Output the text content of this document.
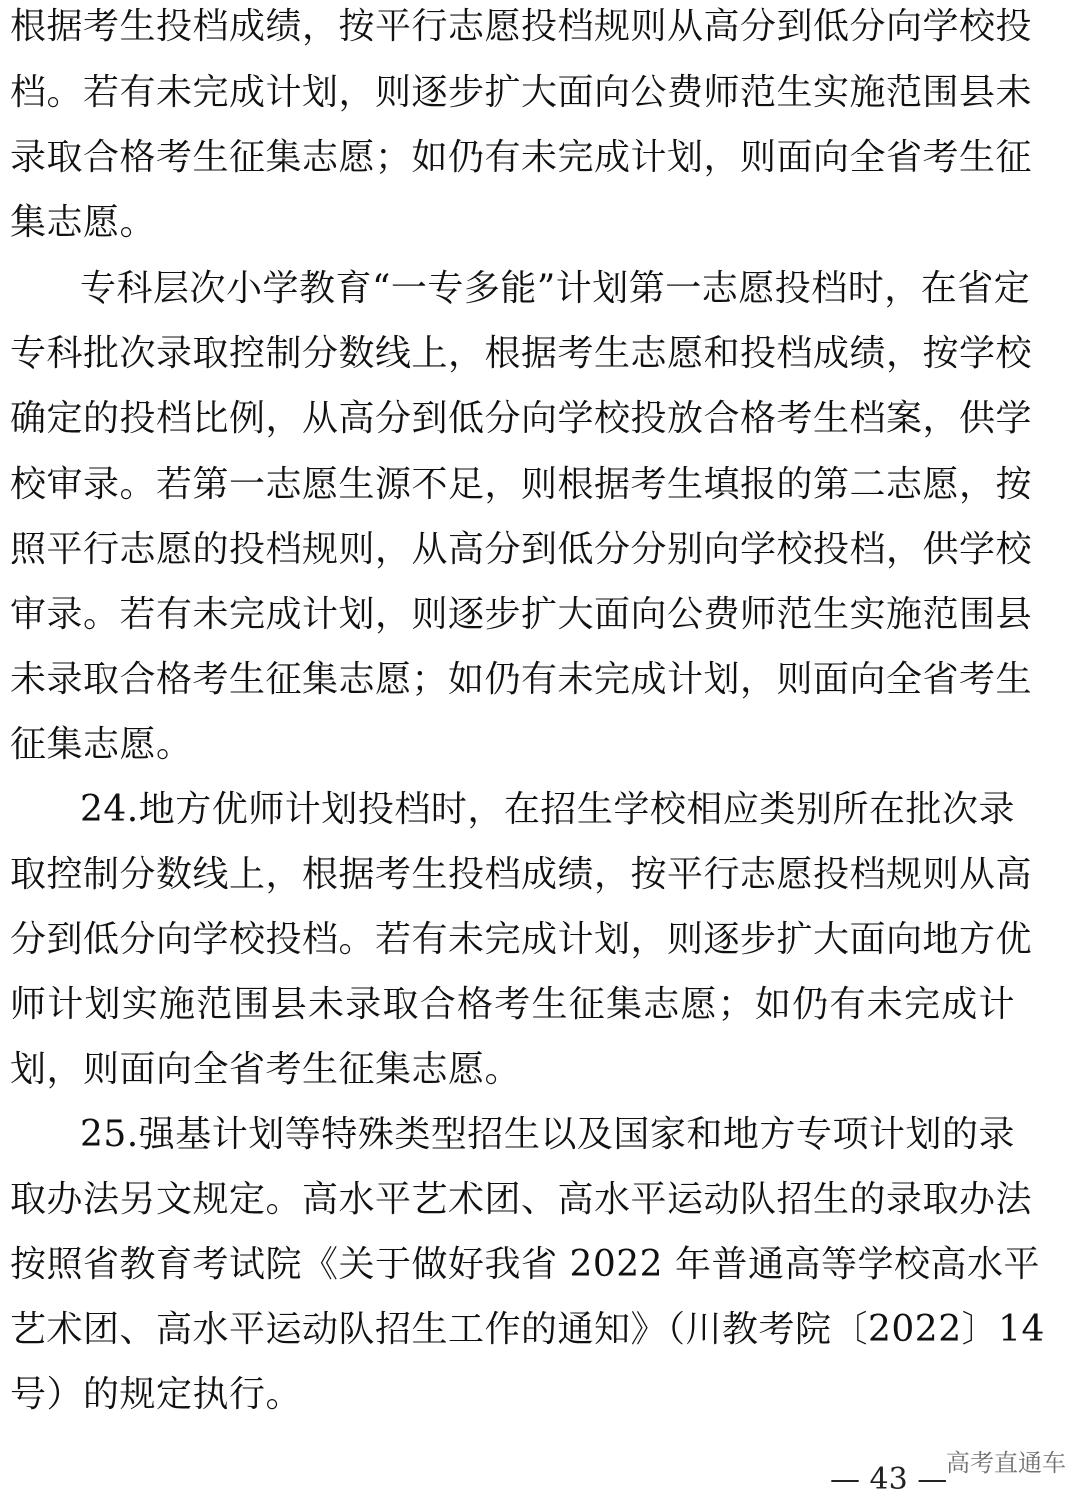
根据考生投档成绩，按平行志愿投档规则从高分到低分向学校投
档。若有未完成计划，则逐步扩大面向公费师范生实施范围县未
录取合格考生征集志愿；如仍有未完成计划，则面向全省考生征
集志愿。
专科层次小学教育“一专多能”计划第一志愿投档时，在省定
专科批次录取控制分数线上，根据考生志愿和投档成绩，按学校
确定的投档比例，从高分到低分向学校投放合格考生档案，供学
校审录。若第一志愿生源不足，则根据考生填报的第二志愿，按
照平行志愿的投档规则，从高分到低分分别向学校投档，供学校
审录。若有未完成计划，则逐步扩大面向公费师范生实施范围县
未录取合格考生征集志愿；如仍有未完成计划，则面向全省考生
征集志愿。
24.地方优师计划投档时，在招生学校相应类别所在批次录
取控制分数线上，根据考生投档成绩，按平行志愿投档规则从高
分到低分向学校投档。若有未完成计划，则逐步扩大面向地方优
师计划实施范围县未录取合格考生征集志愿；如仍有未完成计
划，则面向全省考生征集志愿。
25.强基计划等特殊类型招生以及国家和地方专项计划的录
取办法另文规定。高水平艺术团、高水平运动队招生的录取办法
按照省教育考试院《关于做好我省 2022 年普通高等学校高水平
艺术团、高水平运动队招生工作的通知》（川教考院〔2022〕14
号）的规定执行。
— 43 —
高考直通车
